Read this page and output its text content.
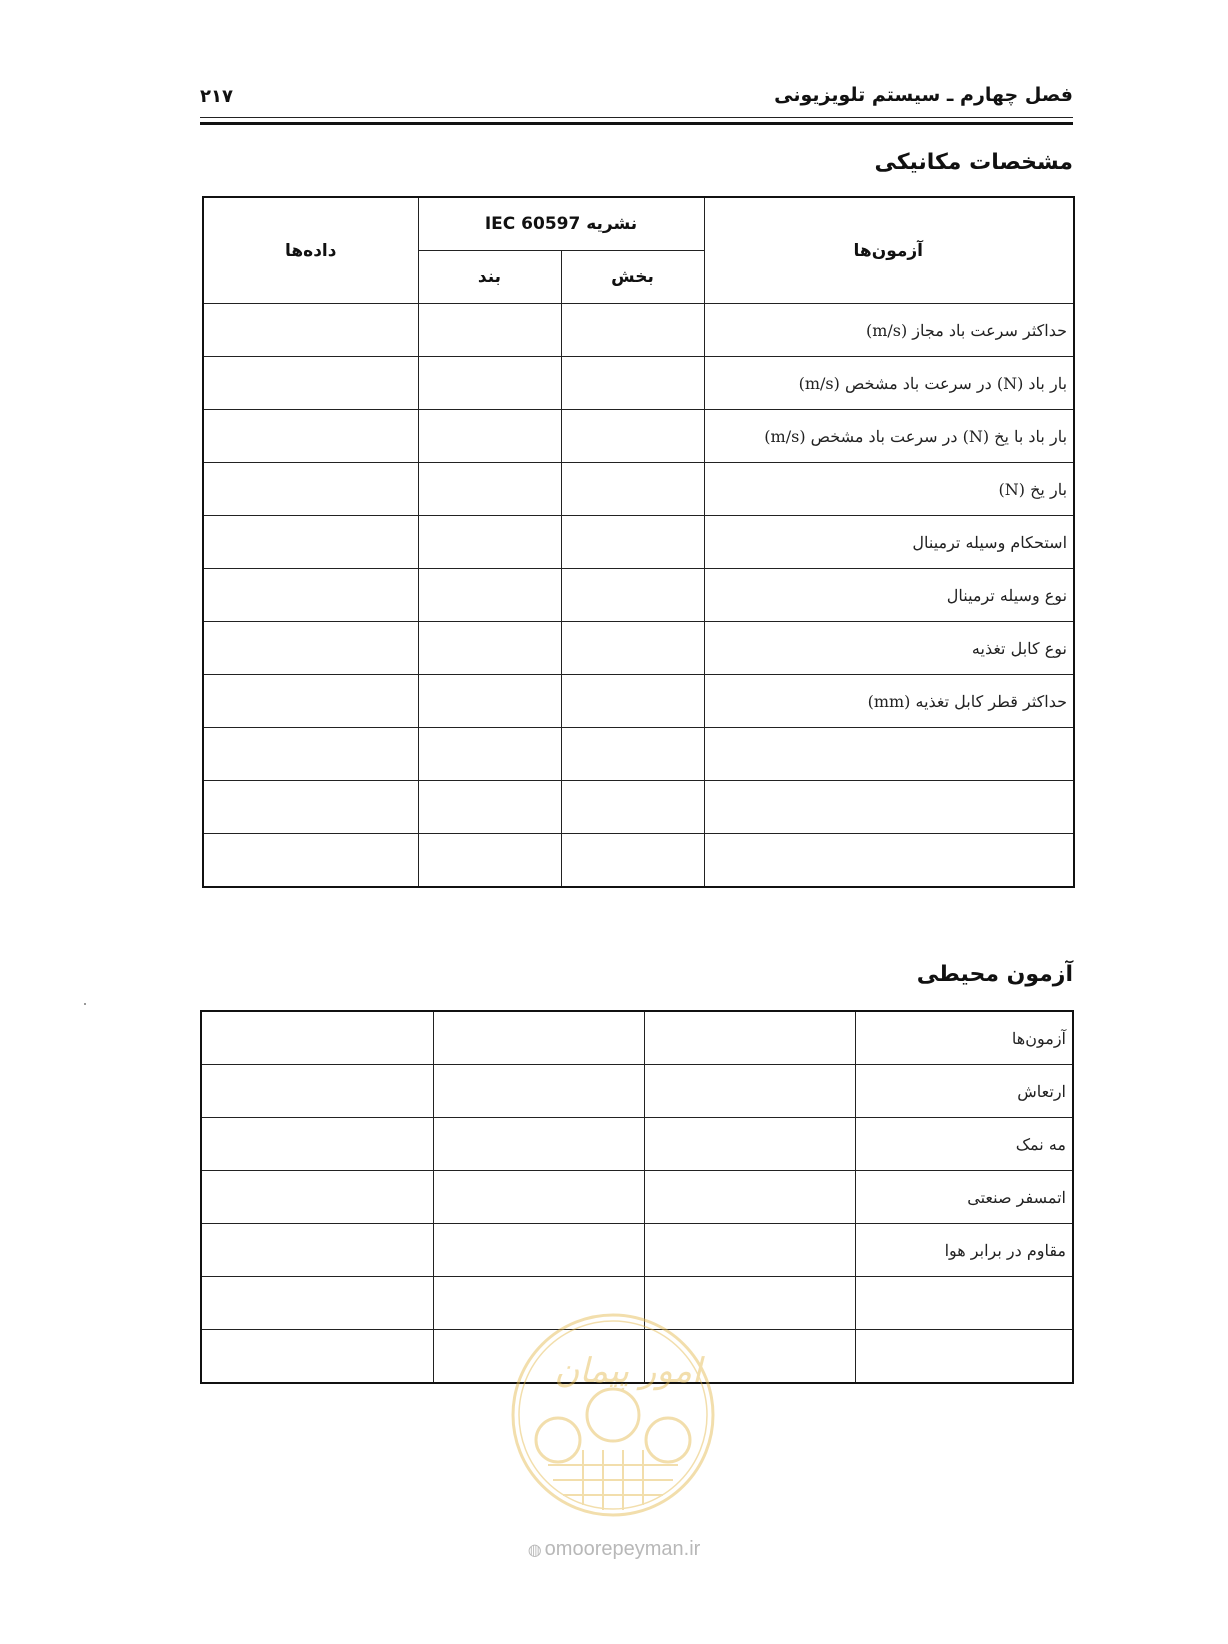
فصل چهارم ـ سیستم تلویزیونی
۲۱۷
مشخصات مکانیکی
داده‌ها	نشریه IEC 60597		آزمون‌ها
	بند	بخش	
			حداکثر سرعت باد مجاز (m/s)
			بار باد (N) در سرعت باد مشخص (m/s)
			بار باد با یخ (N) در سرعت باد مشخص (m/s)
			بار یخ (N)
			استحکام وسیله ترمینال
			نوع وسیله ترمینال
			نوع کابل تغذیه
			حداکثر قطر کابل تغذیه (mm)

آزمون محیطی
			آزمون‌ها
			ارتعاش
			مه نمک
			اتمسفر صنعتی
			مقاوم در برابر هوا

امور پیمان
◍ omoorepeyman.ir
